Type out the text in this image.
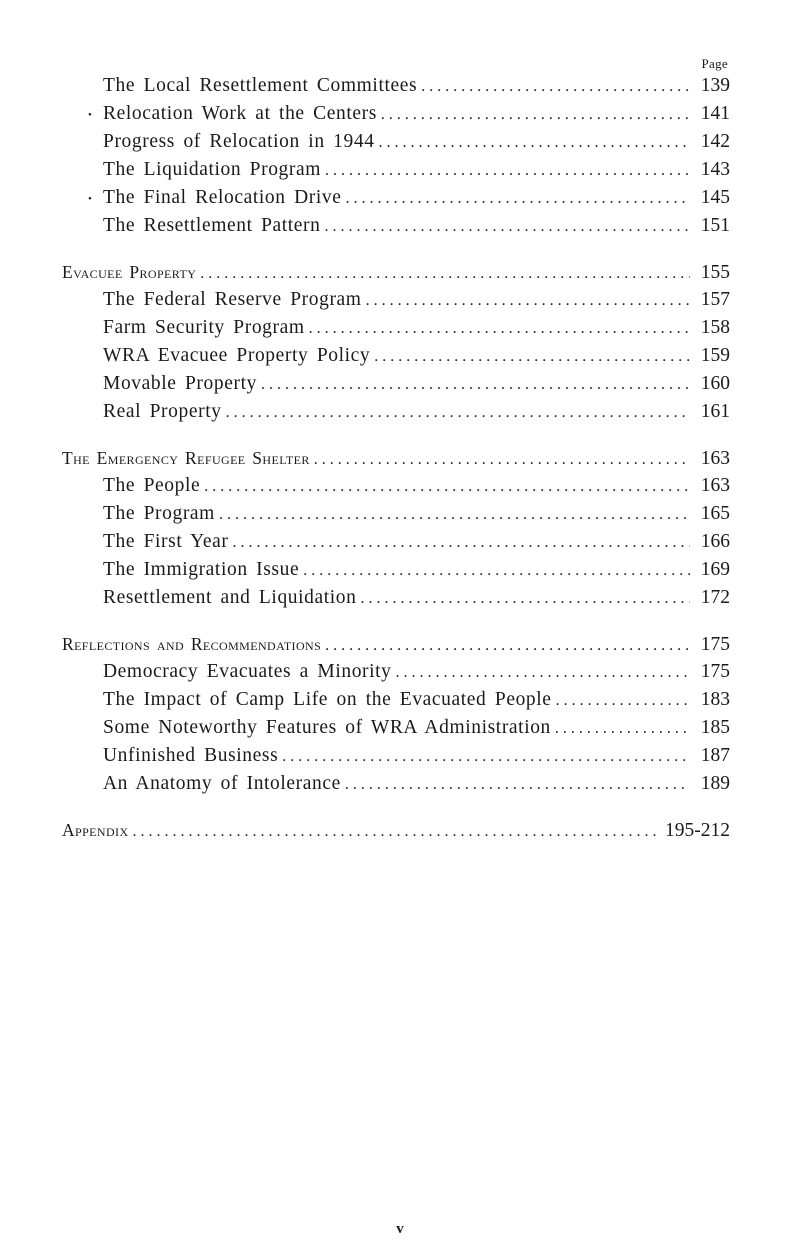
Page
The Local Resettlement Committees . . .	139
• Relocation Work at the Centers . . .	141
Progress of Relocation in 1944 . . .	142
The Liquidation Program . . .	143
• The Final Relocation Drive . . .	145
The Resettlement Pattern . . .	151
Evacuee Property . . .	155
The Federal Reserve Program . . .	157
Farm Security Program . . .	158
WRA Evacuee Property Policy . . .	159
Movable Property . . .	160
Real Property . . .	161
The Emergency Refugee Shelter . . .	163
The People . . .	163
The Program . . .	165
The First Year . . .	166
The Immigration Issue . . .	169
Resettlement and Liquidation . . .	172
Reflections and Recommendations . . .	175
Democracy Evacuates a Minority . . .	175
The Impact of Camp Life on the Evacuated People . . .	183
Some Noteworthy Features of WRA Administration . . .	185
Unfinished Business . . .	187
An Anatomy of Intolerance . . .	189
Appendix . . .	195-212
v
